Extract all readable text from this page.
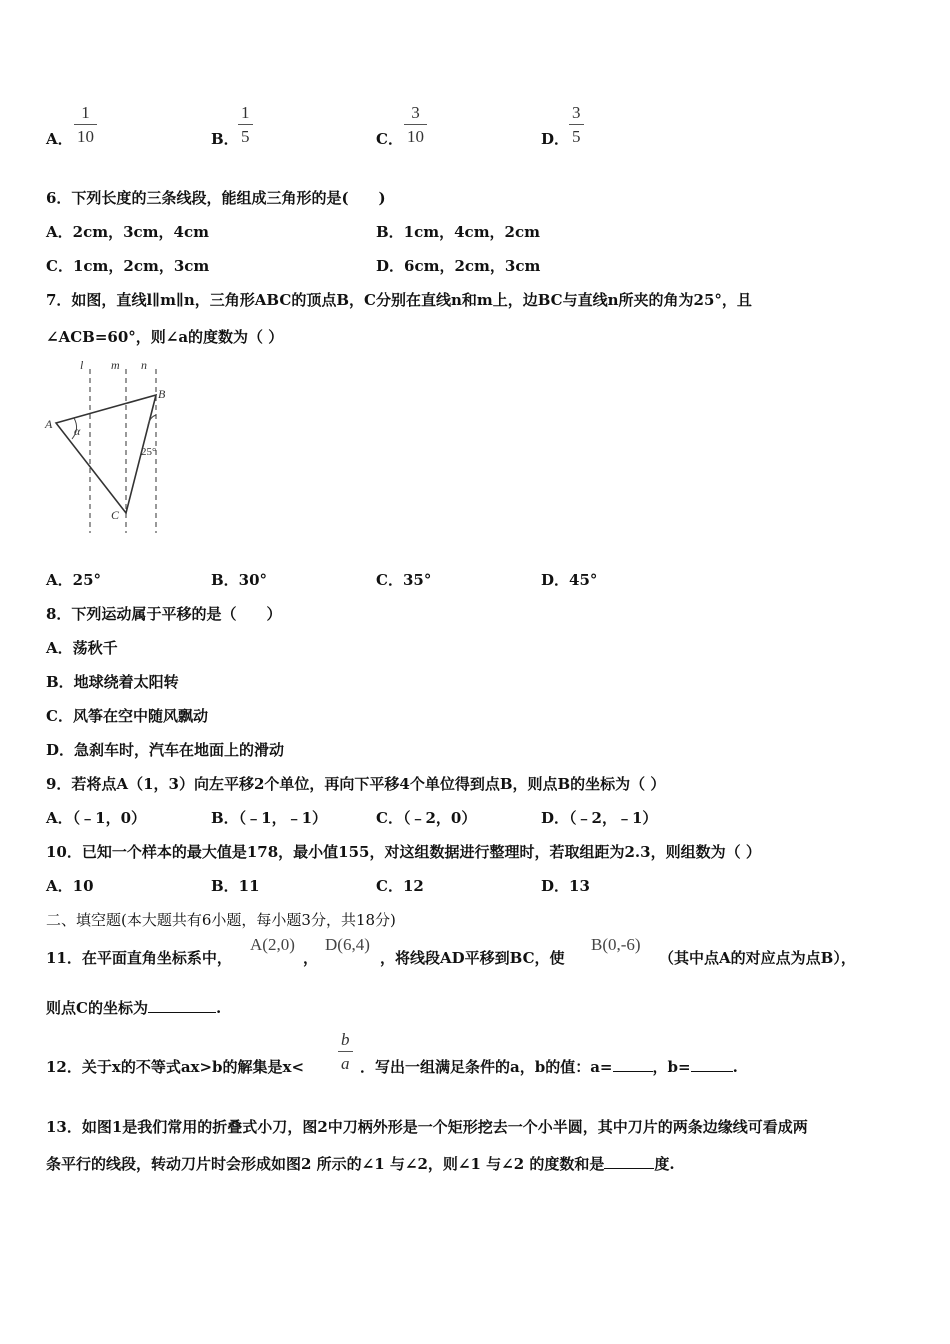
A．
1
10	B．
1
5	C．
3
10	D．
3
5
6．下列长度的三条线段，能组成三角形的是(　　)
A．2cm，3cm，4cm	B．1cm，4cm，2cm
C．1cm，2cm，3cm	D．6cm，2cm，3cm
7．如图，直线l∥m∥n，三角形ABC的顶点B，C分别在直线n和m上，边BC与直线n所夹的角为25°，且
∠ACB=60°，则∠a的度数为（ ）
l m n
A
B
C
α
25°
A．25°	B．30°	C．35°	D．45°
8．下列运动属于平移的是（　　）
A．荡秋千
B．地球绕着太阳转
C．风筝在空中随风飘动
D．急刹车时，汽车在地面上的滑动
9．若将点A（1，3）向左平移2个单位，再向下平移4个单位得到点B，则点B的坐标为（ ）
A．（﹣1，0）	B．（﹣1，﹣1）	C．（﹣2，0）	D．（﹣2，﹣1）
10．已知一个样本的最大值是178，最小值155，对这组数据进行整理时，若取组距为2.3，则组数为（ ）
A．10	B．11	C．12	D．13
二、填空题(本大题共有6小题，每小题3分，共18分)
11．在平面直角坐标系中，
A(2,0)
，
D(6,4)
，将线段AD平移到BC，使
B(0,-6)
（其中点A的对应点为点B），
则点C的坐标为	.
12．关于x的不等式ax>b的解集是x<
b
a ．写出一组满足条件的a，b的值：a=	，b=	.
13．如图1是我们常用的折叠式小刀，图2中刀柄外形是一个矩形挖去一个小半圆，其中刀片的两条边缘线可看成两
条平行的线段，转动刀片时会形成如图2 所示的∠1 与∠2，则∠1 与∠2 的度数和是	度.
